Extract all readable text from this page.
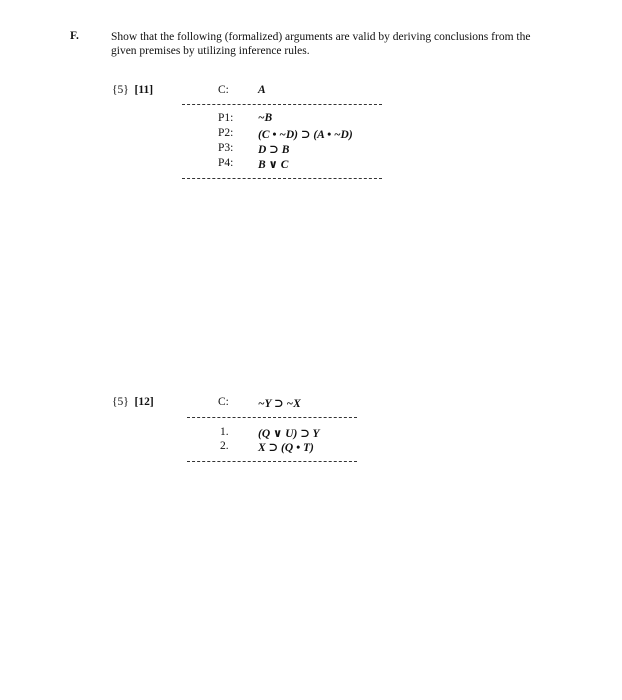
F.	Show that the following (formalized) arguments are valid by deriving conclusions from the given premises by utilizing inference rules.
{5} [11]	C:	A
P1: ~B
P2: (C • ~D) ⊃ (A • ~D)
P3: D ⊃ B
P4: B ∨ C
{5} [12]	C:	~Y ⊃ ~X
1.	(Q ∨ U) ⊃ Y
2.	X ⊃ (Q • T)
